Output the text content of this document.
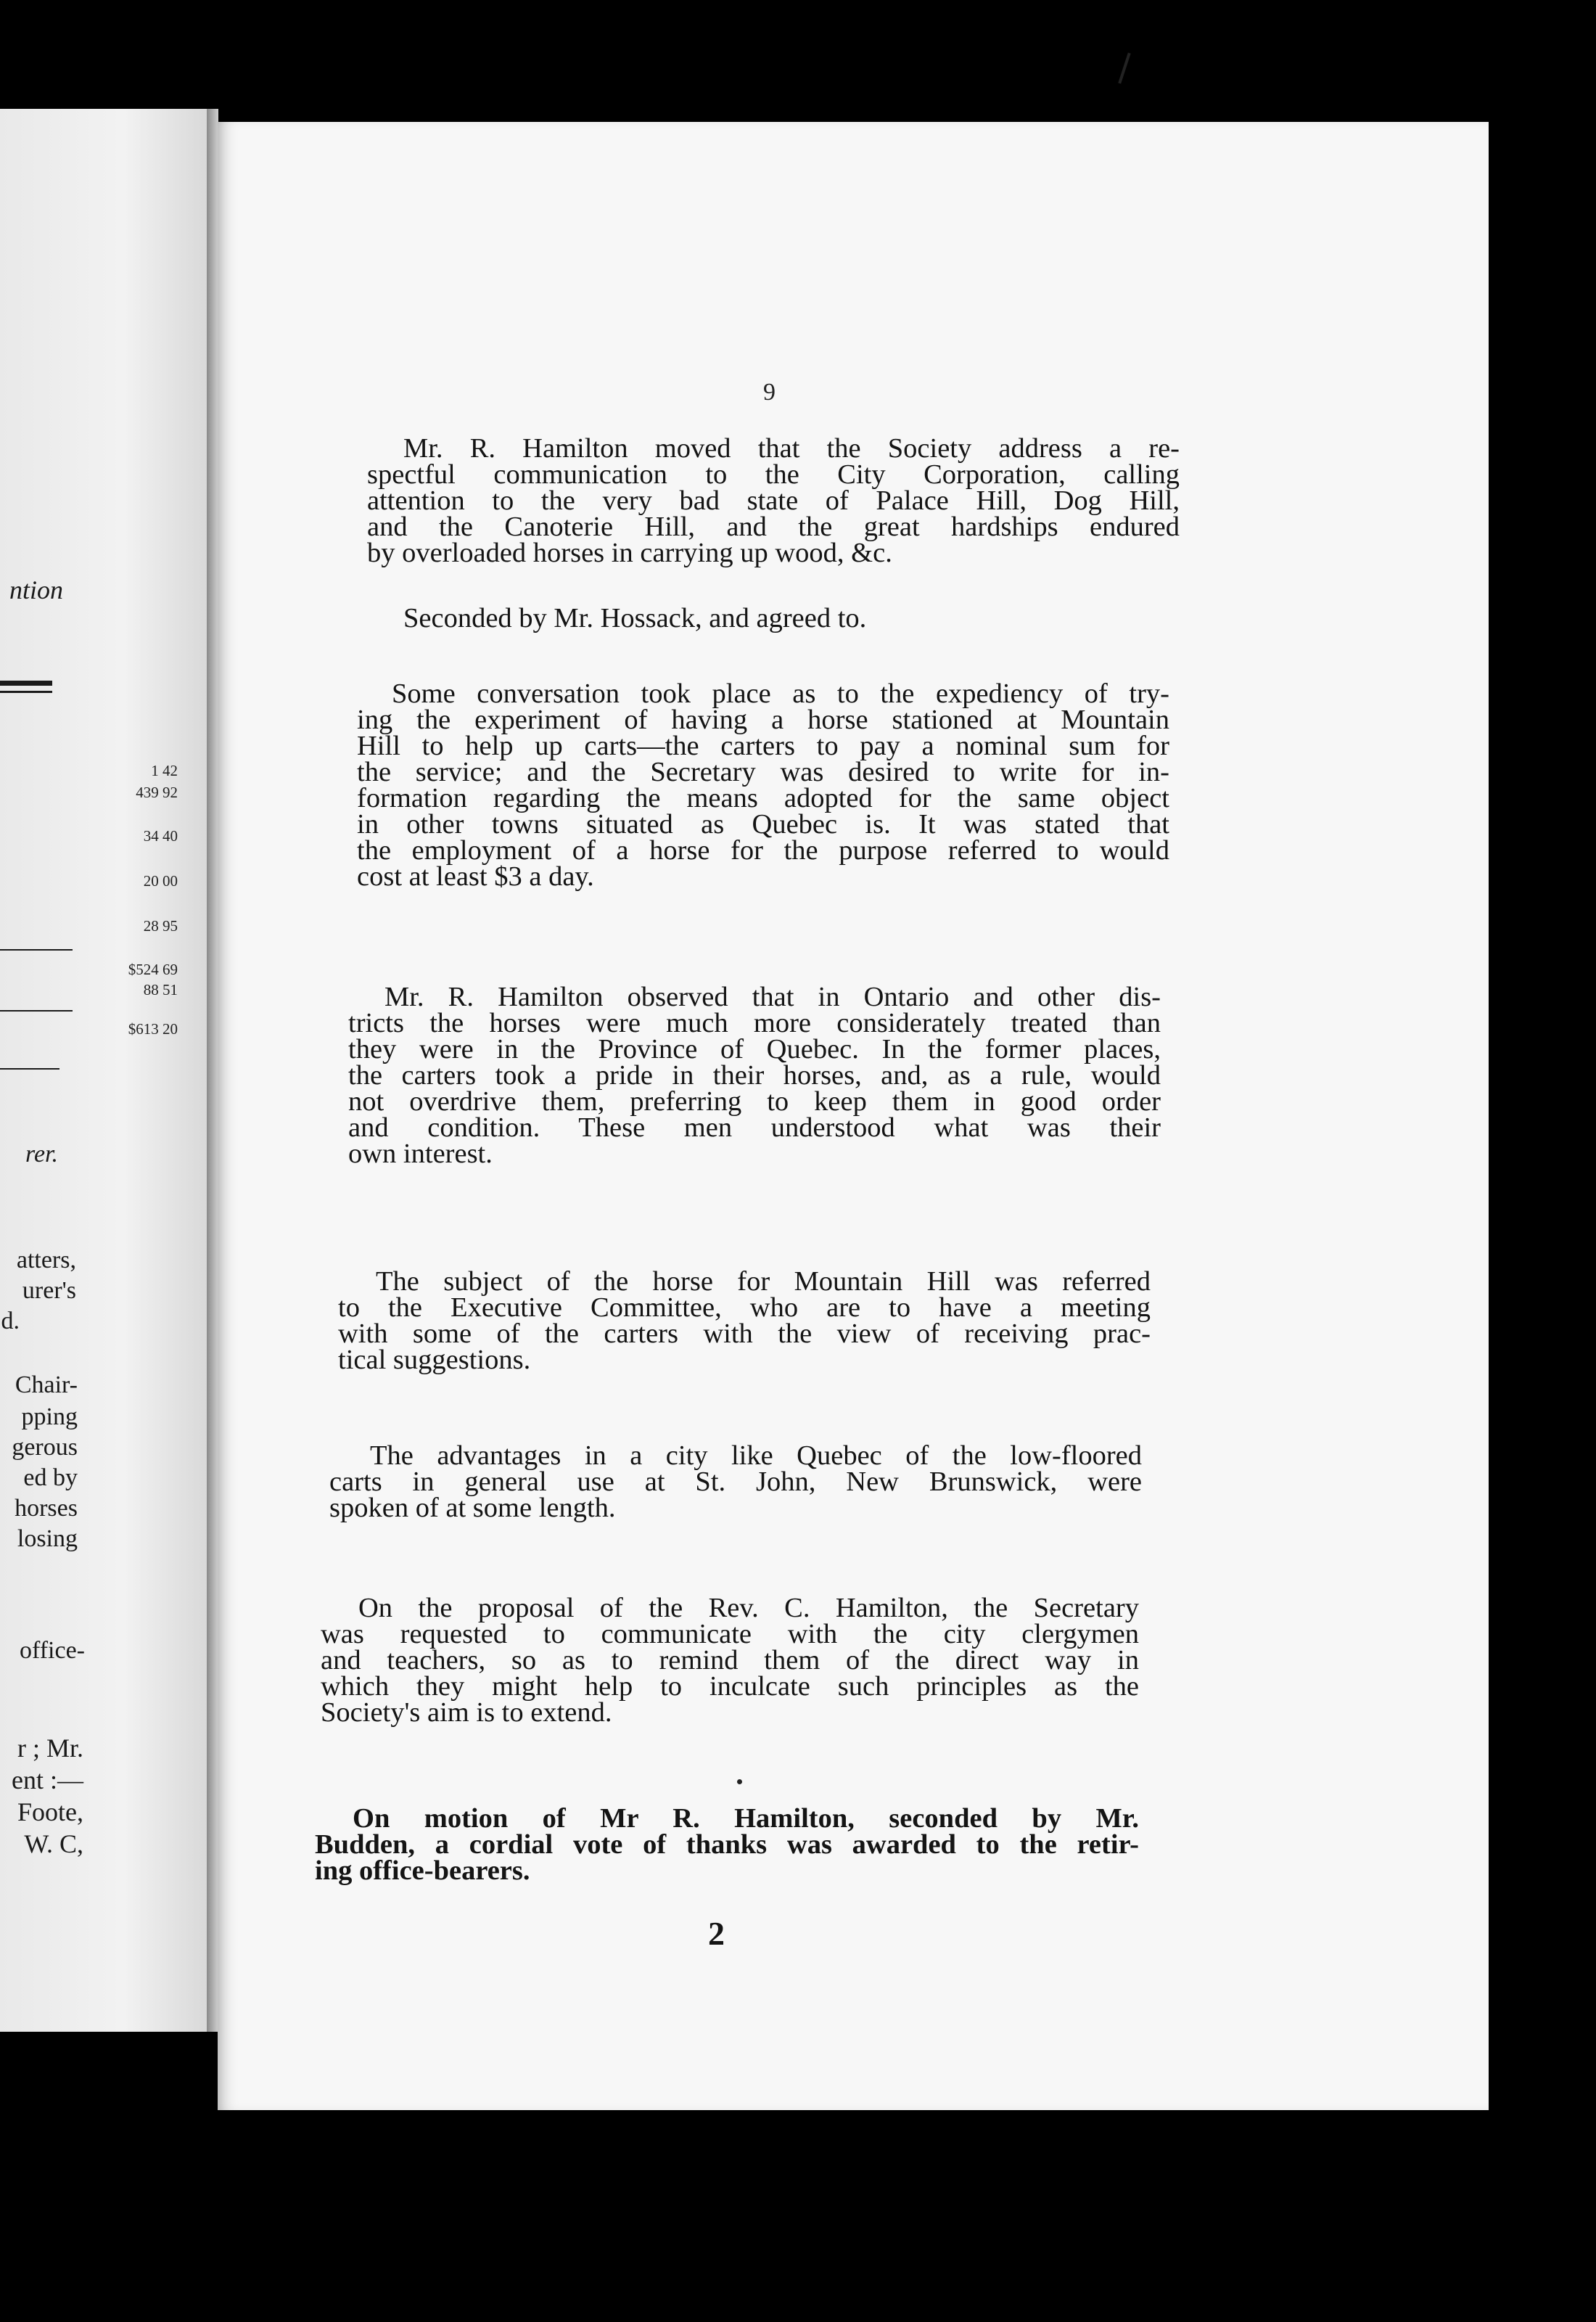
ntion
1 42
439 92
34 40
20 00
28 95
$524 69
88 51
$613 20
rer.
atters,
urer's
d.
Chair-
pping
gerous
ed by
horses
losing
office-
r ; Mr.
ent :—
Foote,
W. C,
9
Mr. R. Hamilton moved that the Society address a re-
spectful communication to the City Corporation, calling
attention to the very bad state of Palace Hill, Dog Hill,
and the Canoterie Hill, and the great hardships endured
by overloaded horses in carrying up wood, &c.
Seconded by Mr. Hossack, and agreed to.
Some conversation took place as to the expediency of try-
ing the experiment of having a horse stationed at Mountain
Hill to help up carts—the carters to pay a nominal sum for
the service; and the Secretary was desired to write for in-
formation regarding the means adopted for the same object
in other towns situated as Quebec is. It was stated that
the employment of a horse for the purpose referred to would
cost at least $3 a day.
Mr. R. Hamilton observed that in Ontario and other dis-
tricts the horses were much more considerately treated than
they were in the Province of Quebec. In the former places,
the carters took a pride in their horses, and, as a rule, would
not overdrive them, preferring to keep them in good order
and condition. These men understood what was their
own interest.
The subject of the horse for Mountain Hill was referred
to the Executive Committee, who are to have a meeting
with some of the carters with the view of receiving prac-
tical suggestions.
The advantages in a city like Quebec of the low-floored
carts in general use at St. John, New Brunswick, were
spoken of at some length.
On the proposal of the Rev. C. Hamilton, the Secretary
was requested to communicate with the city clergymen
and teachers, so as to remind them of the direct way in
which they might help to inculcate such principles as the
Society's aim is to extend.
On motion of Mr R. Hamilton, seconded by Mr.
Budden, a cordial vote of thanks was awarded to the retir-
ing office-bearers.
2
